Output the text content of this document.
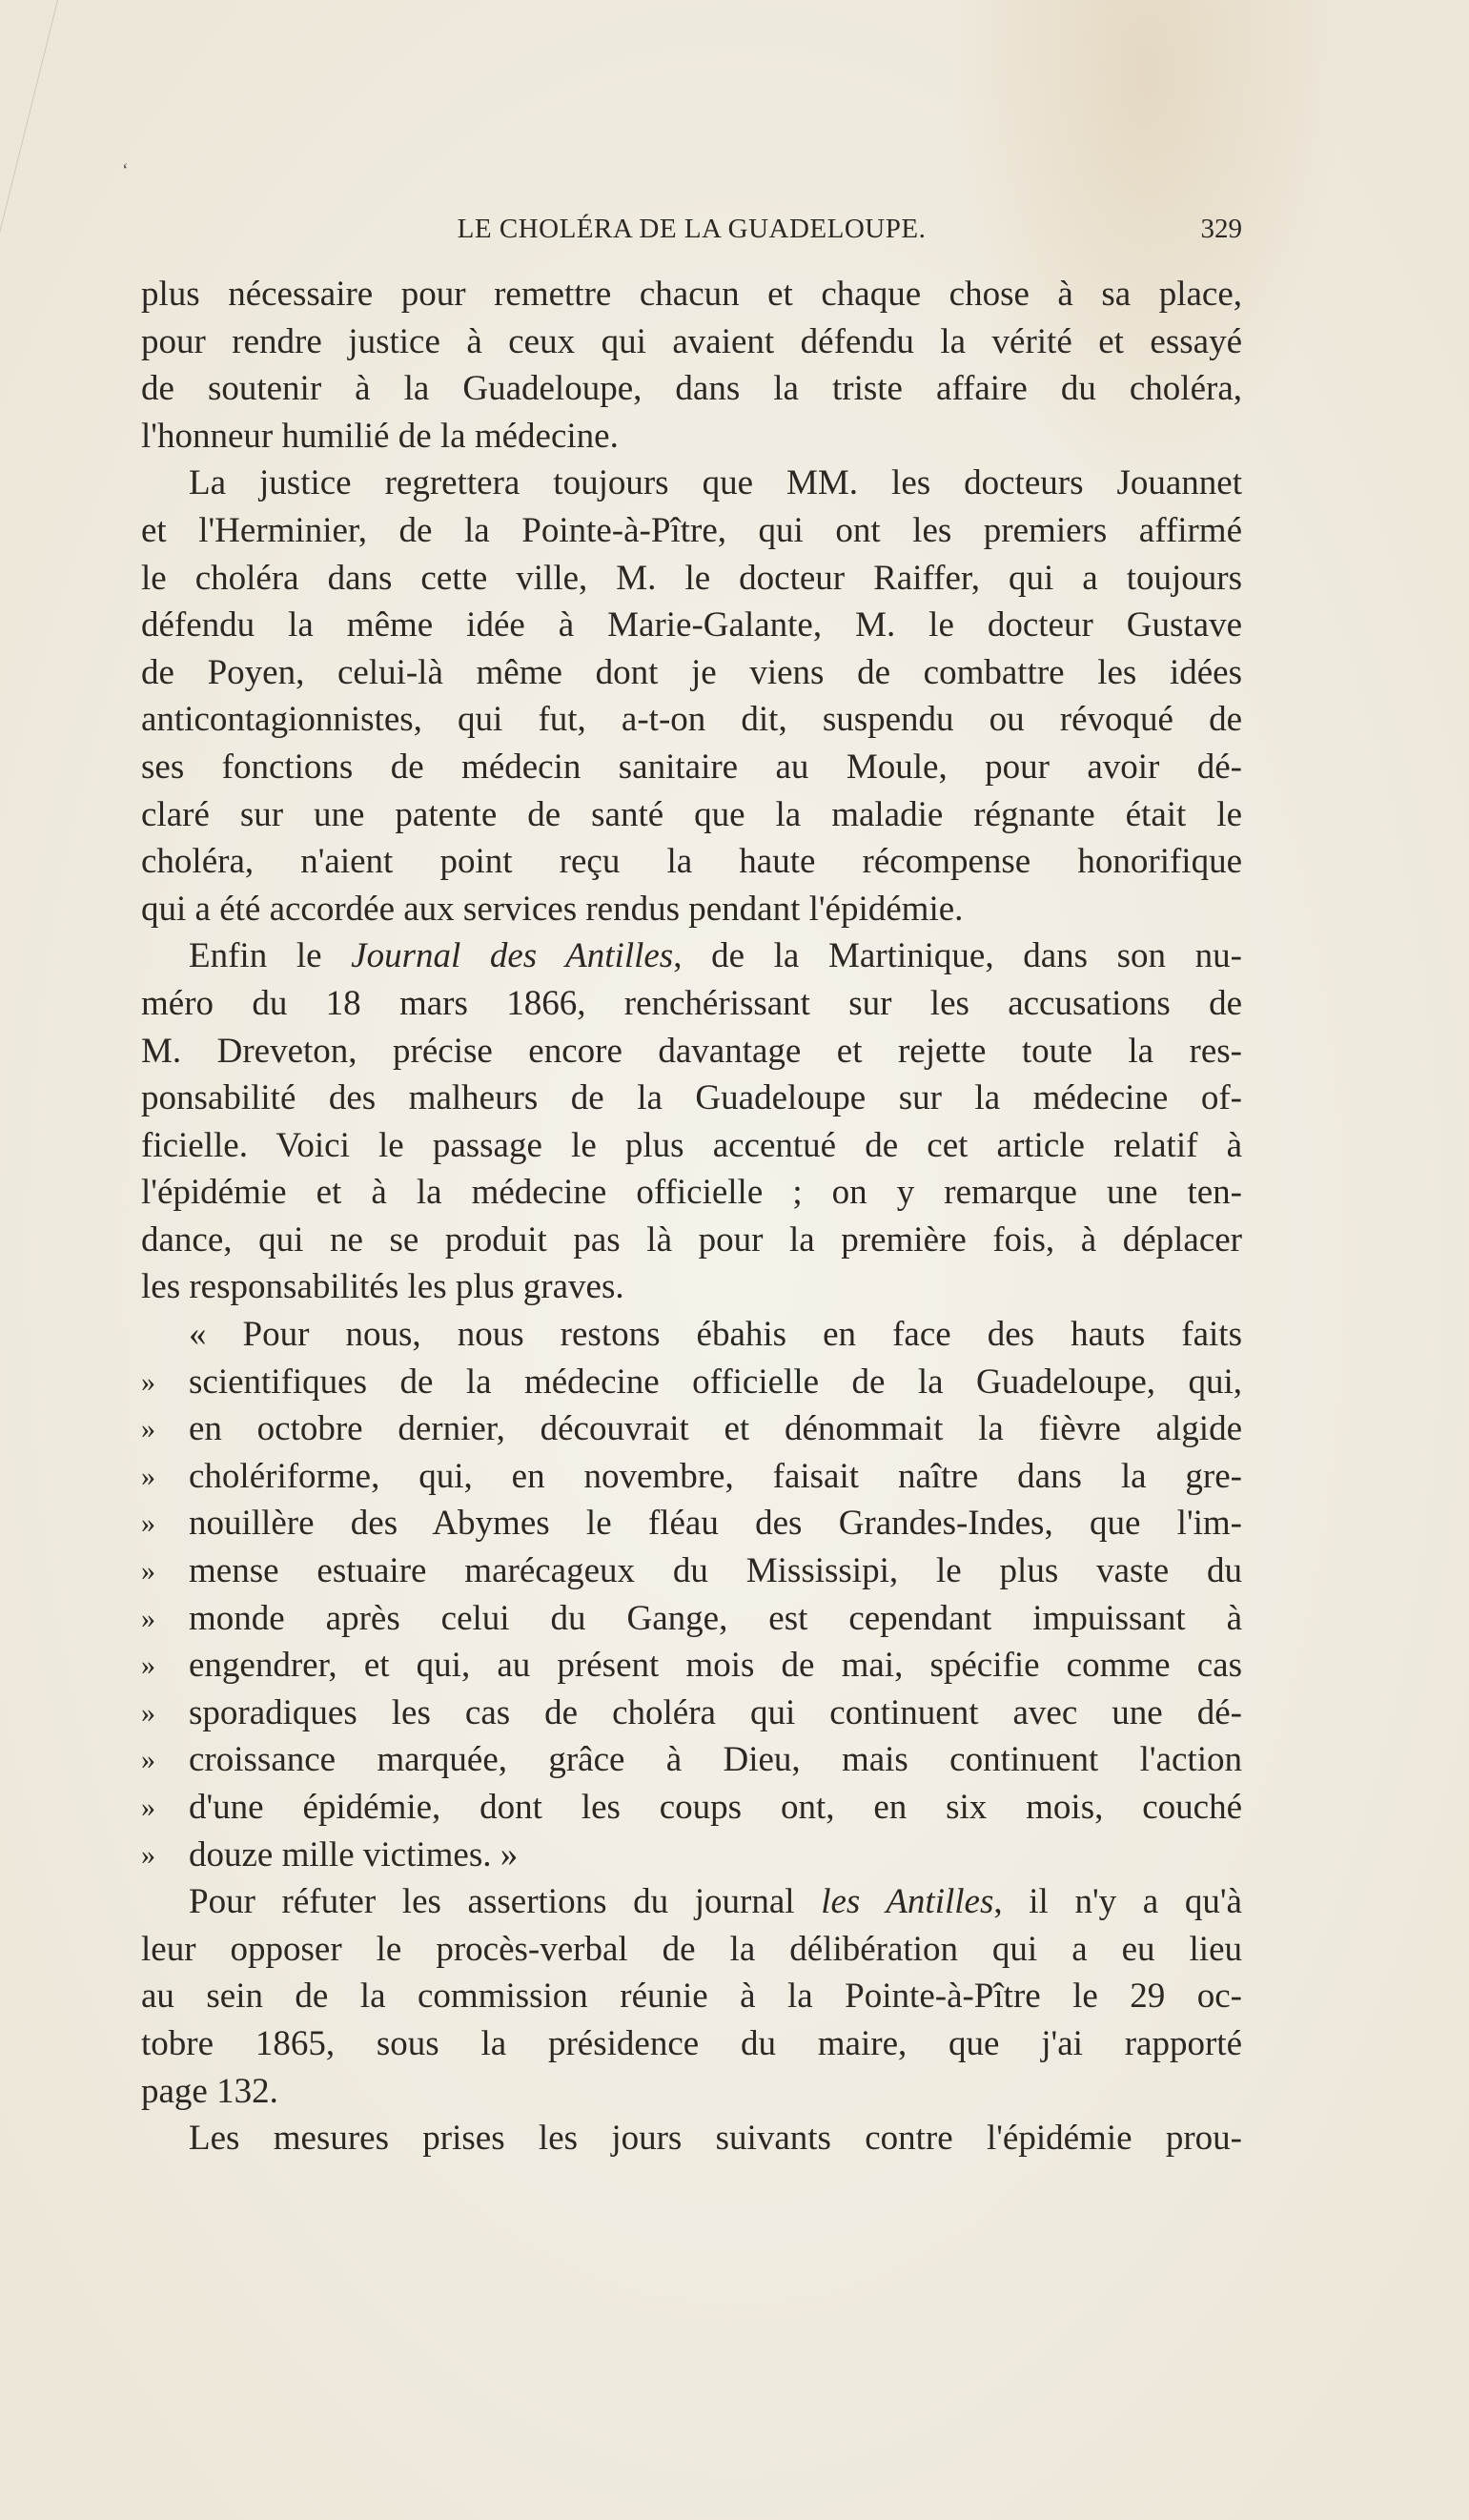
‘
LE CHOLÉRA DE LA GUADELOUPE.	329
plus nécessaire pour remettre chacun et chaque chose à sa place,
pour rendre justice à ceux qui avaient défendu la vérité et essayé
de soutenir à la Guadeloupe, dans la triste affaire du choléra,
l'honneur humilié de la médecine.
La justice regrettera toujours que MM. les docteurs Jouannet
et l'Herminier, de la Pointe-à-Pître, qui ont les premiers affirmé
le choléra dans cette ville, M. le docteur Raiffer, qui a toujours
défendu la même idée à Marie-Galante, M. le docteur Gustave
de Poyen, celui-là même dont je viens de combattre les idées
anticontagionnistes, qui fut, a-t-on dit, suspendu ou révoqué de
ses fonctions de médecin sanitaire au Moule, pour avoir dé-
claré sur une patente de santé que la maladie régnante était le
choléra, n'aient point reçu la haute récompense honorifique
qui a été accordée aux services rendus pendant l'épidémie.
Enfin le Journal des Antilles, de la Martinique, dans son nu-
méro du 18 mars 1866, renchérissant sur les accusations de
M. Dreveton, précise encore davantage et rejette toute la res-
ponsabilité des malheurs de la Guadeloupe sur la médecine of-
ficielle. Voici le passage le plus accentué de cet article relatif à
l'épidémie et à la médecine officielle ; on y remarque une ten-
dance, qui ne se produit pas là pour la première fois, à déplacer
les responsabilités les plus graves.
« Pour nous, nous restons ébahis en face des hauts faits
» scientifiques de la médecine officielle de la Guadeloupe, qui,
» en octobre dernier, découvrait et dénommait la fièvre algide
» cholériforme, qui, en novembre, faisait naître dans la gre-
» nouillère des Abymes le fléau des Grandes-Indes, que l'im-
» mense estuaire marécageux du Mississipi, le plus vaste du
» monde après celui du Gange, est cependant impuissant à
» engendrer, et qui, au présent mois de mai, spécifie comme cas
» sporadiques les cas de choléra qui continuent avec une dé-
» croissance marquée, grâce à Dieu, mais continuent l'action
» d'une épidémie, dont les coups ont, en six mois, couché
» douze mille victimes. »
Pour réfuter les assertions du journal les Antilles, il n'y a qu'à
leur opposer le procès-verbal de la délibération qui a eu lieu
au sein de la commission réunie à la Pointe-à-Pître le 29 oc-
tobre 1865, sous la présidence du maire, que j'ai rapporté
page 132.
Les mesures prises les jours suivants contre l'épidémie prou-
